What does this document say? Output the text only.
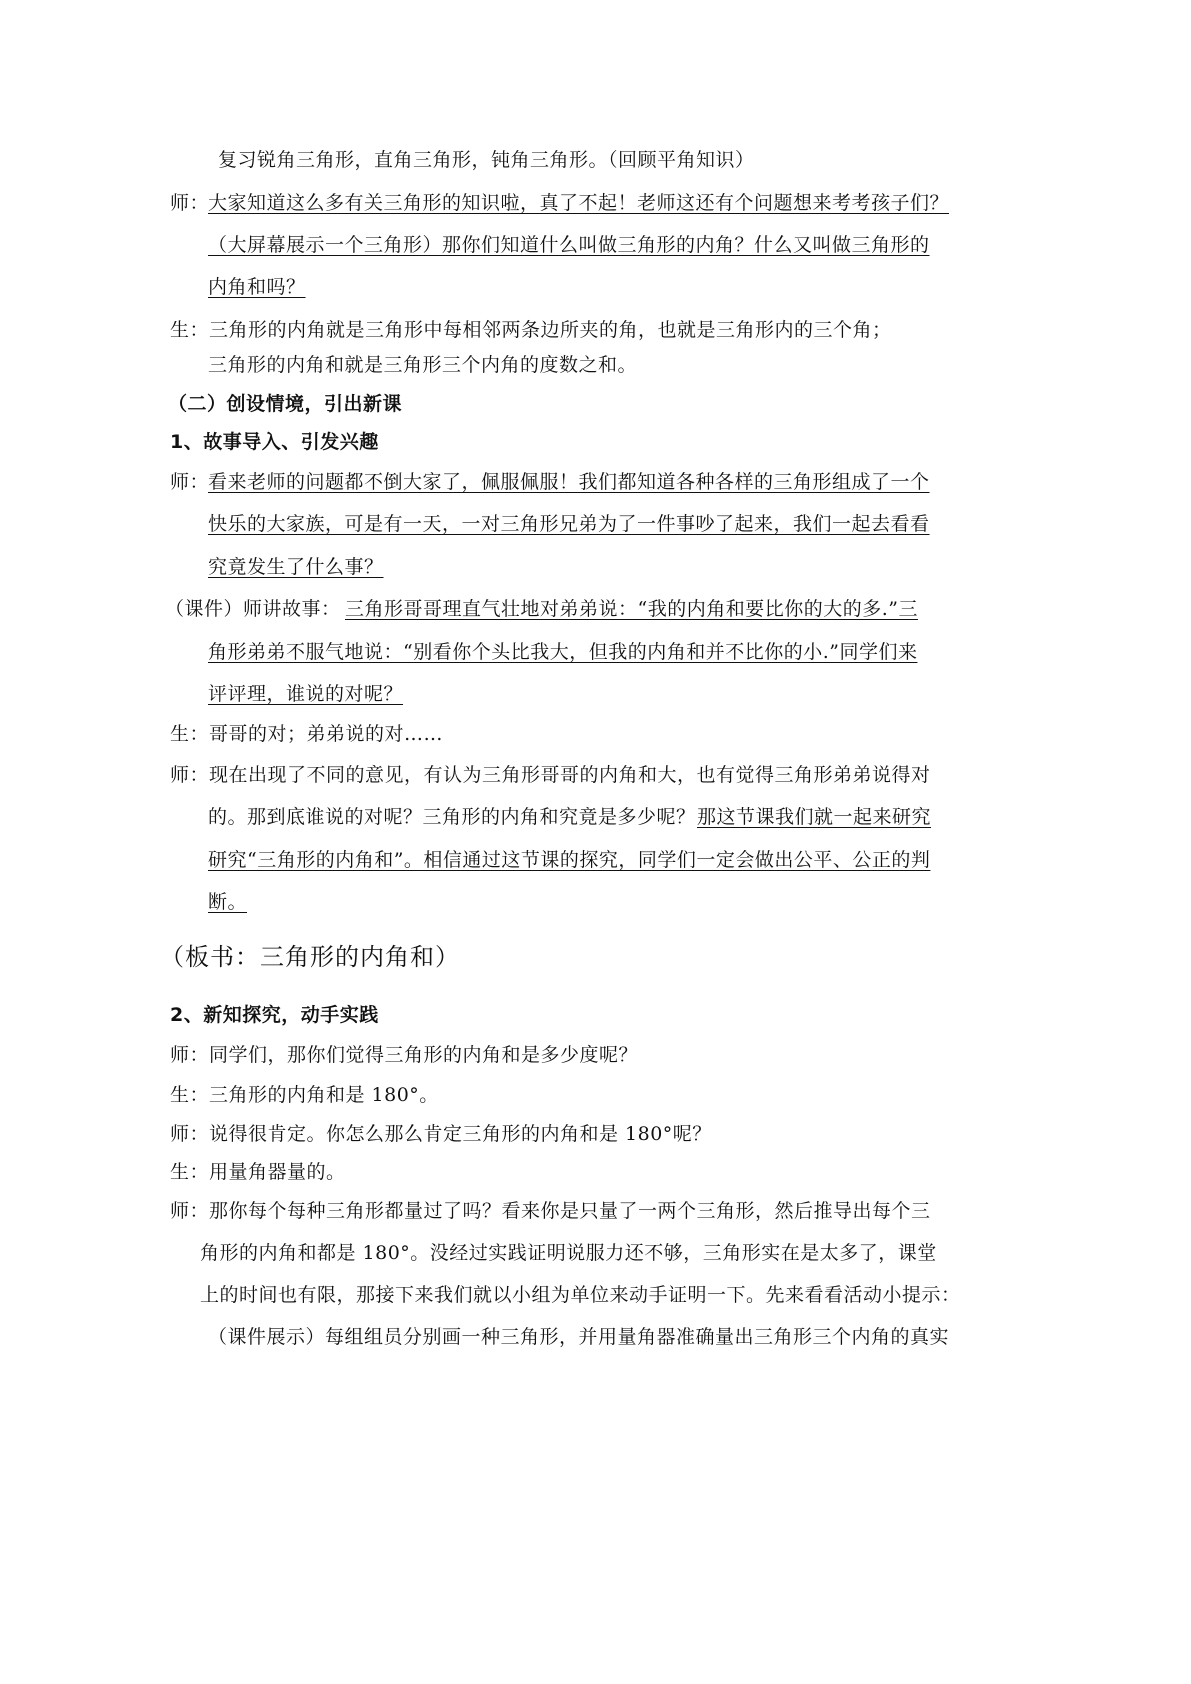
复习锐角三角形，直角三角形，钝角三角形。（回顾平角知识）
师：
大家知道这么多有关三角形的知识啦，真了不起！老师这还有个问题想来考考孩子们？
（大屏幕展示一个三角形）那你们知道什么叫做三角形的内角？什么又叫做三角形的
内角和吗？
生：三角形的内角就是三角形中每相邻两条边所夹的角，也就是三角形内的三个角；
三角形的内角和就是三角形三个内角的度数之和。
（二）创设情境，引出新课
1、故事导入、引发兴趣
师：
看来老师的问题都不倒大家了，佩服佩服！我们都知道各种各样的三角形组成了一个
快乐的大家族，可是有一天，一对三角形兄弟为了一件事吵了起来，我们一起去看看
究竟发生了什么事？
（课件）师讲故事： 三角形哥哥理直气壮地对弟弟说：“我的内角和要比你的大的多.”三
角形弟弟不服气地说：“别看你个头比我大，但我的内角和并不比你的小.”同学们来
评评理，谁说的对呢？
生：哥哥的对；弟弟说的对……
师：现在出现了不同的意见，有认为三角形哥哥的内角和大，也有觉得三角形弟弟说得对
的。那到底谁说的对呢？三角形的内角和究竟是多少呢？ 那这节课我们就一起来研究
研究“三角形的内角和”。相信通过这节课的探究，同学们一定会做出公平、公正的判
断。
（板书：三角形的内角和）
2、新知探究，动手实践
师：同学们，那你们觉得三角形的内角和是多少度呢？
生：三角形的内角和是 180°。
师：说得很肯定。你怎么那么肯定三角形的内角和是 180°呢？
生：用量角器量的。
师：那你每个每种三角形都量过了吗？看来你是只量了一两个三角形，然后推导出每个三
角形的内角和都是 180°。没经过实践证明说服力还不够，三角形实在是太多了，课堂
上的时间也有限，那接下来我们就以小组为单位来动手证明一下。先来看看活动小提示：
（课件展示）每组组员分别画一种三角形，并用量角器准确量出三角形三个内角的真实
